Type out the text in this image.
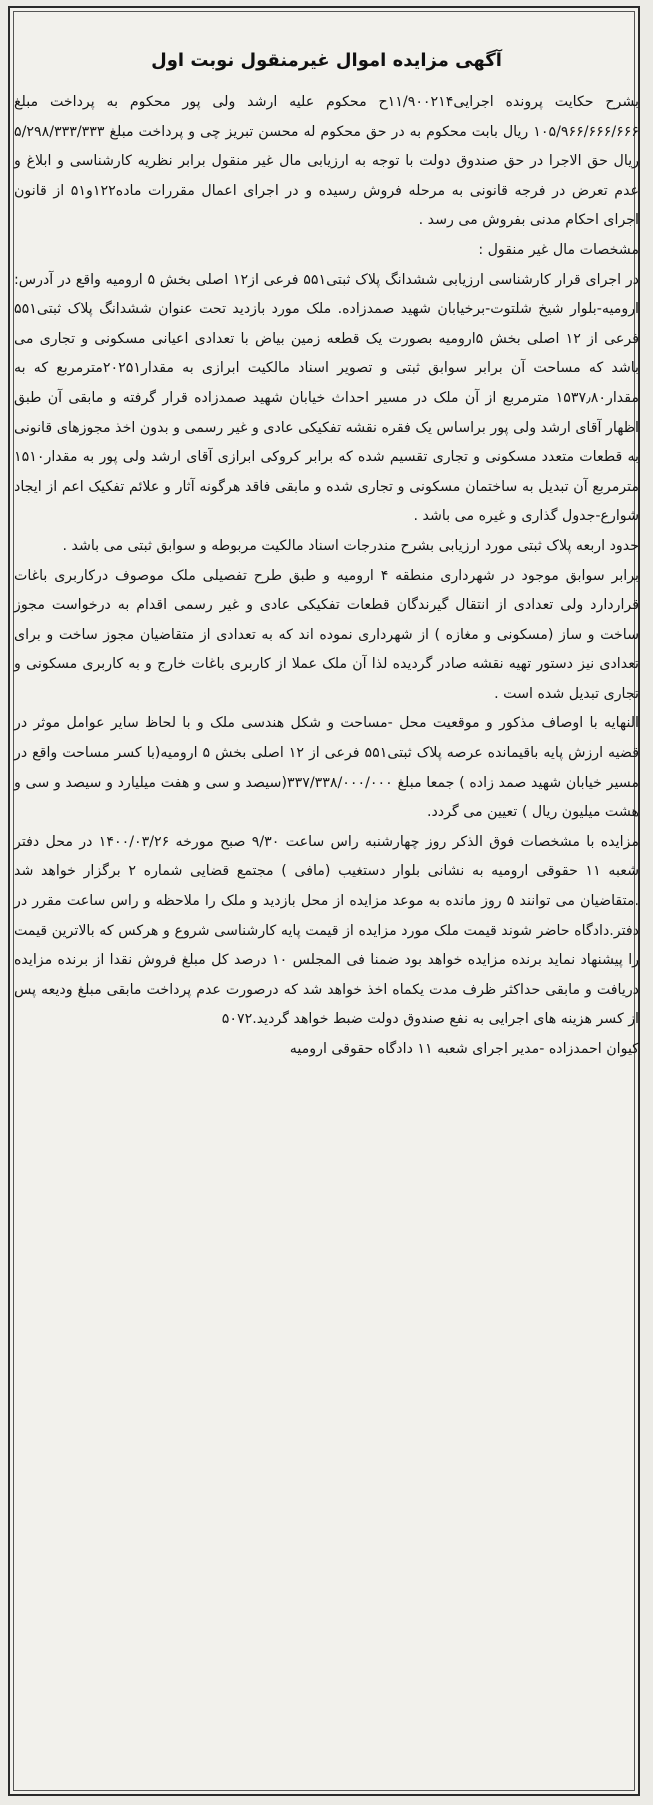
آگهی مزایده اموال غیرمنقول نوبت اول

بشرح حکایت پرونده اجرایی۱۱/۹۰۰۲۱۴ح محکوم علیه ارشد ولی پور محکوم به پرداخت مبلغ ۱۰۵/۹۶۶/۶۶۶/۶۶۶ ریال بابت محکوم به در حق محکوم له محسن تبریز چی و پرداخت مبلغ ۵/۲۹۸/۳۳۳/۳۳۳ ریال حق الاجرا در حق صندوق دولت با توجه به ارزیابی مال غیر منقول برابر نظریه کارشناسی و ابلاغ و عدم تعرض در فرجه قانونی به مرحله فروش رسیده و در اجرای اعمال مقررات ماده۱۲۲و۵۱ از قانون اجرای احکام مدنی بفروش می رسد .

مشخصات مال غیر منقول :

در اجرای قرار کارشناسی ارزیابی ششدانگ پلاک ثبتی۵۵۱ فرعی از۱۲ اصلی بخش ۵ ارومیه واقع در آدرس: ارومیه-بلوار شیخ شلتوت-برخیابان شهید صمدزاده. ملک مورد بازدید تحت عنوان ششدانگ پلاک ثبتی۵۵۱ فرعی از ۱۲ اصلی بخش ۵ارومیه بصورت یک قطعه زمین بیاض با تعدادی اعیانی مسکونی و تجاری می باشد که مساحت آن برابر سوابق ثبتی و تصویر اسناد مالکیت ابرازی به مقدار۲۰۲۵۱مترمربع که به مقدار۱۵۳۷٫۸۰ مترمربع از آن ملک در مسیر احداث خیابان شهید صمدزاده قرار گرفته و مابقی آن طبق اظهار آقای ارشد ولی پور براساس یک فقره نقشه تفکیکی عادی و غیر رسمی و بدون اخذ مجوزهای قانونی به قطعات متعدد مسکونی و تجاری تقسیم شده که برابر کروکی ابرازی آقای ارشد ولی پور به مقدار۱۵۱۰ مترمربع آن تبدیل به ساختمان مسکونی و تجاری شده و مابقی فاقد هرگونه آثار و علائم تفکیک اعم از ایجاد شوارع-جدول گذاری و غیره می باشد .

حدود اربعه پلاک ثبتی مورد ارزیابی بشرح مندرجات اسناد مالکیت مربوطه و سوابق ثبتی می باشد .

برابر سوابق موجود در شهرداری منطقه ۴ ارومیه و طبق طرح تفصیلی ملک موصوف درکاربری باغات قراردارد ولی تعدادی از انتقال گیرندگان قطعات تفکیکی عادی و غیر رسمی اقدام به درخواست مجوز ساخت و ساز (مسکونی و مغازه ) از شهرداری نموده اند که به تعدادی از متقاضیان مجوز ساخت و برای تعدادی نیز دستور تهیه نقشه صادر گردیده لذا آن ملک عملا از کاربری باغات خارج و به کاربری مسکونی و تجاری تبدیل شده است .

النهایه با اوصاف مذکور و موقعیت محل -مساحت و شکل هندسی ملک و با لحاظ سایر عوامل موثر در قضیه ارزش پایه باقیمانده عرصه پلاک ثبتی۵۵۱ فرعی از ۱۲ اصلی بخش ۵ ارومیه(با کسر مساحت واقع در مسیر خیابان شهید صمد زاده ) جمعا مبلغ ۳۳۷/۳۳۸/۰۰۰/۰۰۰(سیصد و سی و هفت میلیارد و سیصد و سی و هشت میلیون ریال ) تعیین می گردد.

مزایده با مشخصات فوق الذکر روز چهارشنبه راس ساعت ۹/۳۰ صبح مورخه ۱۴۰۰/۰۳/۲۶ در محل دفتر شعبه ۱۱ حقوقی ارومیه به نشانی بلوار دستغیب (مافی ) مجتمع قضایی شماره ۲ برگزار خواهد شد .متقاضیان می توانند ۵ روز مانده به موعد مزایده از محل بازدید و ملک را ملاحظه و راس ساعت مقرر در دفتر.دادگاه حاضر شوند قیمت ملک مورد مزایده از قیمت پایه کارشناسی شروع و هرکس که بالاترین قیمت را پیشنهاد نماید برنده مزایده خواهد بود ضمنا فی المجلس ۱۰ درصد کل مبلغ فروش نقدا از برنده مزایده دریافت و مابقی حداکثر ظرف مدت یکماه اخذ خواهد شد که درصورت عدم پرداخت مابقی مبلغ ودیعه پس از کسر هزینه های اجرایی به نفع صندوق دولت ضبط خواهد گردید.۵۰۷۲

کیوان احمدزاده -مدیر اجرای شعبه ۱۱ دادگاه حقوقی ارومیه
